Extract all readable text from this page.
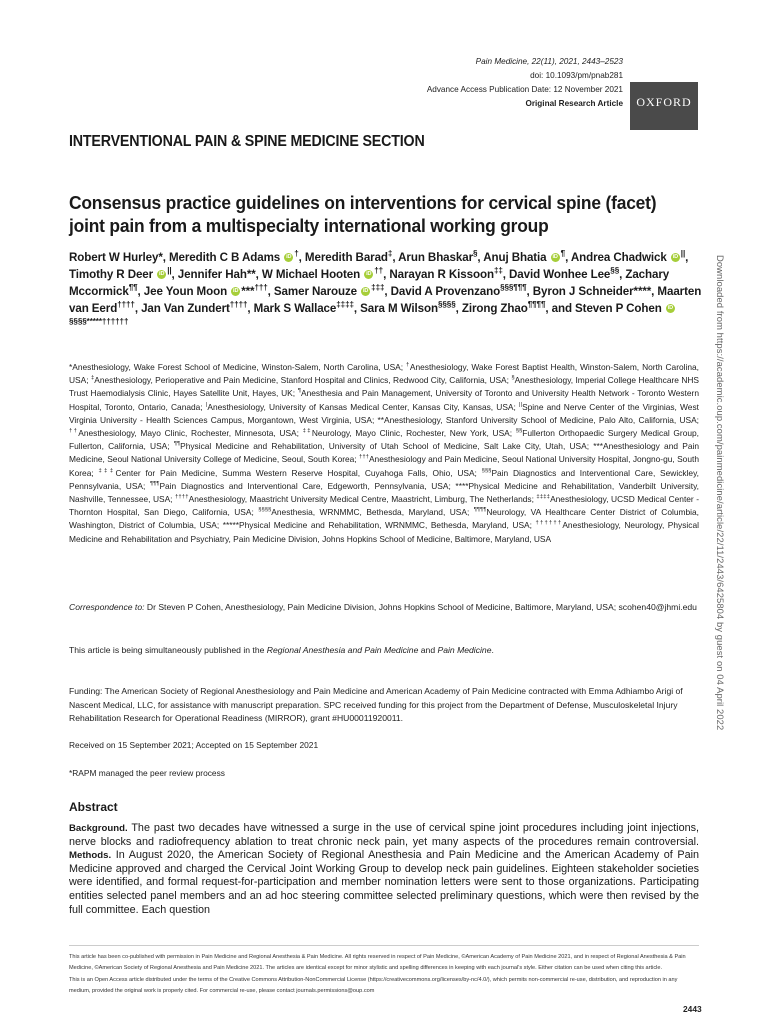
Pain Medicine, 22(11), 2021, 2443–2523
doi: 10.1093/pm/pnab281
Advance Access Publication Date: 12 November 2021
Original Research Article OXFORD
INTERVENTIONAL PAIN & SPINE MEDICINE SECTION
Consensus practice guidelines on interventions for cervical spine (facet) joint pain from a multispecialty international working group
Robert W Hurley*, Meredith C B Adams iD †, Meredith Barad‡, Arun Bhaskar§, Anuj Bhatia iD ¶, Andrea Chadwick iD ||, Timothy R Deer iD ||, Jennifer Hah**, W Michael Hooten iD ††, Narayan R Kissoon‡‡, David Wonhee Lee§§, Zachary Mccormick¶¶, Jee Youn Moon iD ***†††, Samer Narouze iD ‡‡‡, David A Provenzano§§§¶¶¶, Byron J Schneider****, Maarten van Eerd††††, Jan Van Zundert††††, Mark S Wallace‡‡‡‡, Sara M Wilson§§§§, Zirong Zhao¶¶¶¶, and Steven P Cohen iD§§§§*****††††††
*Anesthesiology, Wake Forest School of Medicine, Winston-Salem, North Carolina, USA; †Anesthesiology, Wake Forest Baptist Health, Winston-Salem, North Carolina, USA; ‡Anesthesiology, Perioperative and Pain Medicine, Stanford Hospital and Clinics, Redwood City, California, USA; §Anesthesiology, Imperial College Healthcare NHS Trust Haemodialysis Clinic, Hayes Satellite Unit, Hayes, UK; ¶Anesthesia and Pain Management, University of Toronto and University Health Network - Toronto Western Hospital, Toronto, Ontario, Canada; |Anesthesiology, University of Kansas Medical Center, Kansas City, Kansas, USA; ||Spine and Nerve Center of the Virginias, West Virginia University - Health Sciences Campus, Morgantown, West Virginia, USA; **Anesthesiology, Stanford University School of Medicine, Palo Alto, California, USA; ††Anesthesiology, Mayo Clinic, Rochester, Minnesota, USA; ‡‡Neurology, Mayo Clinic, Rochester, New York, USA; §§Fullerton Orthopaedic Surgery Medical Group, Fullerton, California, USA; ¶¶Physical Medicine and Rehabilitation, University of Utah School of Medicine, Salt Lake City, Utah, USA; ***Anesthesiology and Pain Medicine, Seoul National University College of Medicine, Seoul, South Korea; †††Anesthesiology and Pain Medicine, Seoul National University Hospital, Jongno-gu, South Korea; ‡‡‡Center for Pain Medicine, Summa Western Reserve Hospital, Cuyahoga Falls, Ohio, USA; §§§Pain Diagnostics and Interventional Care, Sewickley, Pennsylvania, USA; ¶¶¶Pain Diagnostics and Interventional Care, Edgeworth, Pennsylvania, USA; ****Physical Medicine and Rehabilitation, Vanderbilt University, Nashville, Tennessee, USA; ††††Anesthesiology, Maastricht University Medical Centre, Maastricht, Limburg, The Netherlands; ‡‡‡‡Anesthesiology, UCSD Medical Center - Thornton Hospital, San Diego, California, USA; §§§§Anesthesia, WRNMMC, Bethesda, Maryland, USA; ¶¶¶¶Neurology, VA Healthcare Center District of Columbia, Washington, District of Columbia, USA; *****Physical Medicine and Rehabilitation, WRNMMC, Bethesda, Maryland, USA; ††††††Anesthesiology, Neurology, Physical Medicine and Rehabilitation and Psychiatry, Pain Medicine Division, Johns Hopkins School of Medicine, Baltimore, Maryland, USA
Correspondence to: Dr Steven P Cohen, Anesthesiology, Pain Medicine Division, Johns Hopkins School of Medicine, Baltimore, Maryland, USA; scohen40@jhmi.edu
This article is being simultaneously published in the Regional Anesthesia and Pain Medicine and Pain Medicine.
Funding: The American Society of Regional Anesthesiology and Pain Medicine and American Academy of Pain Medicine contracted with Emma Adhiambo Arigi of Nascent Medical, LLC, for assistance with manuscript preparation. SPC received funding for this project from the Department of Defense, Musculoskeletal Injury Rehabilitation Research for Operational Readiness (MIRROR), grant #HU00011920011.
Received on 15 September 2021; Accepted on 15 September 2021
*RAPM managed the peer review process
Abstract
Background. The past two decades have witnessed a surge in the use of cervical spine joint procedures including joint injections, nerve blocks and radiofrequency ablation to treat chronic neck pain, yet many aspects of the procedures remain controversial. Methods. In August 2020, the American Society of Regional Anesthesia and Pain Medicine and the American Academy of Pain Medicine approved and charged the Cervical Joint Working Group to develop neck pain guidelines. Eighteen stakeholder societies were identified, and formal request-for-participation and member nomination letters were sent to those organizations. Participating entities selected panel members and an ad hoc steering committee selected preliminary questions, which were then revised by the full committee. Each question
This article has been co-published with permission in Pain Medicine and Regional Anesthesia & Pain Medicine. All rights reserved in respect of Pain Medicine, ©American Academy of Pain Medicine 2021, and in respect of Regional Anesthesia & Pain Medicine, ©American Society of Regional Anesthesia and Pain Medicine 2021. The articles are identical except for minor stylistic and spelling differences in keeping with each journal’s style. Either citation can be used when citing this article.
This is an Open Access article distributed under the terms of the Creative Commons Attribution-NonCommercial License (https://creativecommons.org/licenses/by-nc/4.0/), which permits non-commercial re-use, distribution, and reproduction in any medium, provided the original work is properly cited. For commercial re-use, please contact journals.permissions@oup.com
2443
Downloaded from https://academic.oup.com/painmedicine/article/22/11/2443/6425804 by guest on 04 April 2022
